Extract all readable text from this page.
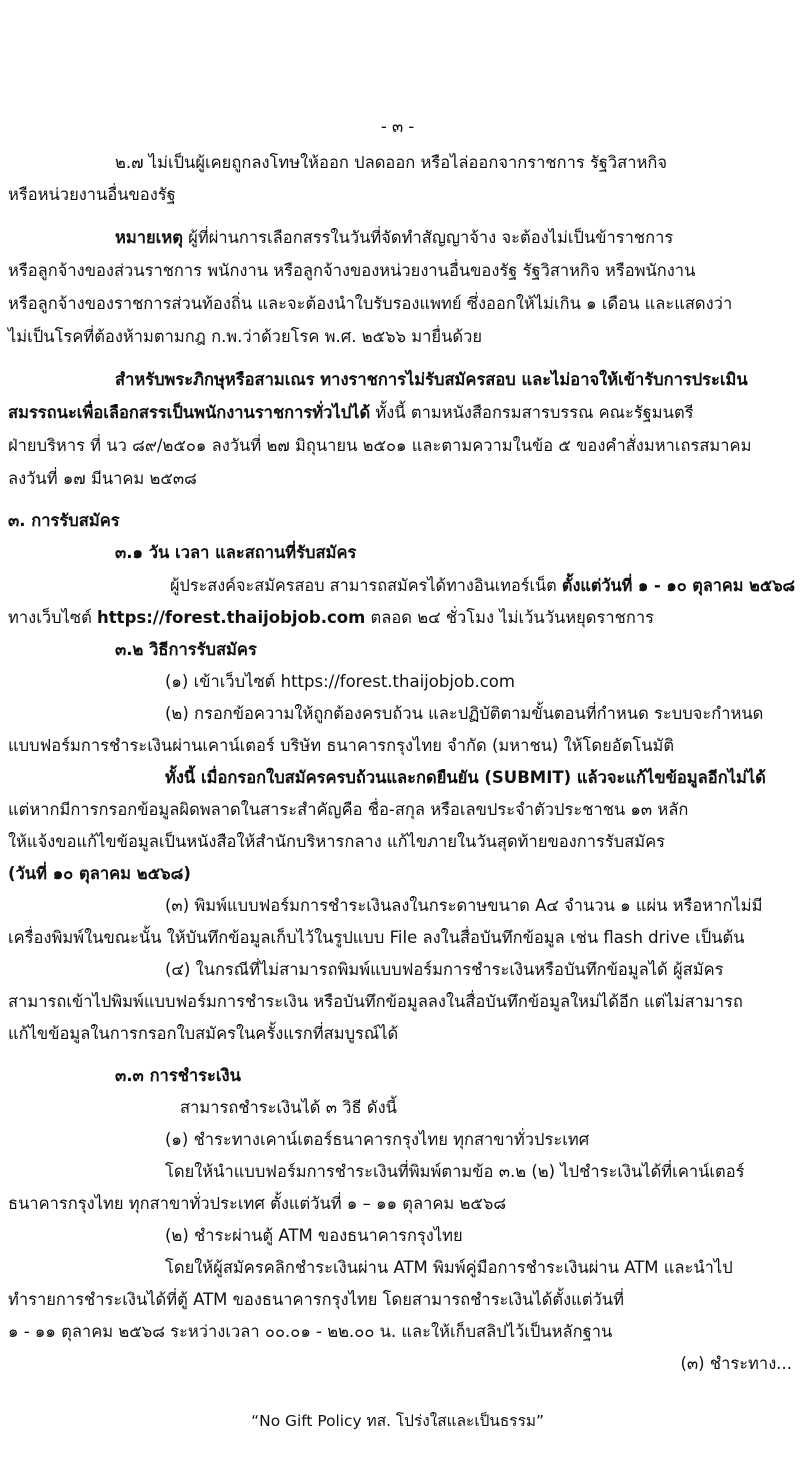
- ๓ -
๒.๗ ไม่เป็นผู้เคยถูกลงโทษให้ออก ปลดออก หรือไล่ออกจากราชการ รัฐวิสาหกิจ
หรือหน่วยงานอื่นของรัฐ
หมายเหตุ ผู้ที่ผ่านการเลือกสรรในวันที่จัดทำสัญญาจ้าง จะต้องไม่เป็นข้าราชการ
หรือลูกจ้างของส่วนราชการ พนักงาน หรือลูกจ้างของหน่วยงานอื่นของรัฐ รัฐวิสาหกิจ หรือพนักงาน
หรือลูกจ้างของราชการส่วนท้องถิ่น และจะต้องนำใบรับรองแพทย์ ซึ่งออกให้ไม่เกิน ๑ เดือน และแสดงว่า
ไม่เป็นโรคที่ต้องห้ามตามกฎ ก.พ.ว่าด้วยโรค พ.ศ. ๒๕๖๖ มายื่นด้วย
สำหรับพระภิกษุหรือสามเณร ทางราชการไม่รับสมัครสอบ และไม่อาจให้เข้ารับการประเมิน
สมรรถนะเพื่อเลือกสรรเป็นพนักงานราชการทั่วไปได้ ทั้งนี้ ตามหนังสือกรมสารบรรณ คณะรัฐมนตรี
ฝ่ายบริหาร ที่ นว ๘๙/๒๕๐๑ ลงวันที่ ๒๗ มิถุนายน ๒๕๐๑ และตามความในข้อ ๕ ของคำสั่งมหาเถรสมาคม
ลงวันที่ ๑๗ มีนาคม ๒๕๓๘
๓. การรับสมัคร
๓.๑ วัน เวลา และสถานที่รับสมัคร
ผู้ประสงค์จะสมัครสอบ สามารถสมัครได้ทางอินเทอร์เน็ต ตั้งแต่วันที่ ๑ - ๑๐ ตุลาคม ๒๕๖๘
ทางเว็บไซต์ https://forest.thaijobjob.com ตลอด ๒๔ ชั่วโมง ไม่เว้นวันหยุดราชการ
๓.๒ วิธีการรับสมัคร
(๑) เข้าเว็บไซต์ https://forest.thaijobjob.com
(๒) กรอกข้อความให้ถูกต้องครบถ้วน และปฏิบัติตามขั้นตอนที่กำหนด ระบบจะกำหนด
แบบฟอร์มการชำระเงินผ่านเคาน์เตอร์ บริษัท ธนาคารกรุงไทย จำกัด (มหาชน) ให้โดยอัตโนมัติ
ทั้งนี้ เมื่อกรอกใบสมัครครบถ้วนและกดยืนยัน (SUBMIT) แล้วจะแก้ไขข้อมูลอีกไม่ได้
แต่หากมีการกรอกข้อมูลผิดพลาดในสาระสำคัญคือ ชื่อ-สกุล หรือเลขประจำตัวประชาชน ๑๓ หลัก
ให้แจ้งขอแก้ไขข้อมูลเป็นหนังสือให้สำนักบริหารกลาง แก้ไขภายในวันสุดท้ายของการรับสมัคร
(วันที่ ๑๐ ตุลาคม ๒๕๖๘)
(๓) พิมพ์แบบฟอร์มการชำระเงินลงในกระดาษขนาด A๔ จำนวน ๑ แผ่น หรือหากไม่มี
เครื่องพิมพ์ในขณะนั้น ให้บันทึกข้อมูลเก็บไว้ในรูปแบบ File ลงในสื่อบันทึกข้อมูล เช่น flash drive เป็นต้น
(๔) ในกรณีที่ไม่สามารถพิมพ์แบบฟอร์มการชำระเงินหรือบันทึกข้อมูลได้ ผู้สมัคร
สามารถเข้าไปพิมพ์แบบฟอร์มการชำระเงิน หรือบันทึกข้อมูลลงในสื่อบันทึกข้อมูลใหม่ได้อีก แต่ไม่สามารถ
แก้ไขข้อมูลในการกรอกใบสมัครในครั้งแรกที่สมบูรณ์ได้
๓.๓ การชำระเงิน
สามารถชำระเงินได้ ๓ วิธี ดังนี้
(๑) ชำระทางเคาน์เตอร์ธนาคารกรุงไทย ทุกสาขาทั่วประเทศ
โดยให้นำแบบฟอร์มการชำระเงินที่พิมพ์ตามข้อ ๓.๒ (๒) ไปชำระเงินได้ที่เคาน์เตอร์
ธนาคารกรุงไทย ทุกสาขาทั่วประเทศ ตั้งแต่วันที่ ๑ – ๑๑ ตุลาคม ๒๕๖๘
(๒) ชำระผ่านตู้ ATM ของธนาคารกรุงไทย
โดยให้ผู้สมัครคลิกชำระเงินผ่าน ATM พิมพ์คู่มือการชำระเงินผ่าน ATM และนำไป
ทำรายการชำระเงินได้ที่ตู้ ATM ของธนาคารกรุงไทย โดยสามารถชำระเงินได้ตั้งแต่วันที่
๑ - ๑๑ ตุลาคม ๒๕๖๘ ระหว่างเวลา ๐๐.๐๑ - ๒๒.๐๐ น. และให้เก็บสลิปไว้เป็นหลักฐาน
(๓) ชำระทาง...
“No Gift Policy ทส. โปร่งใสและเป็นธรรม”
